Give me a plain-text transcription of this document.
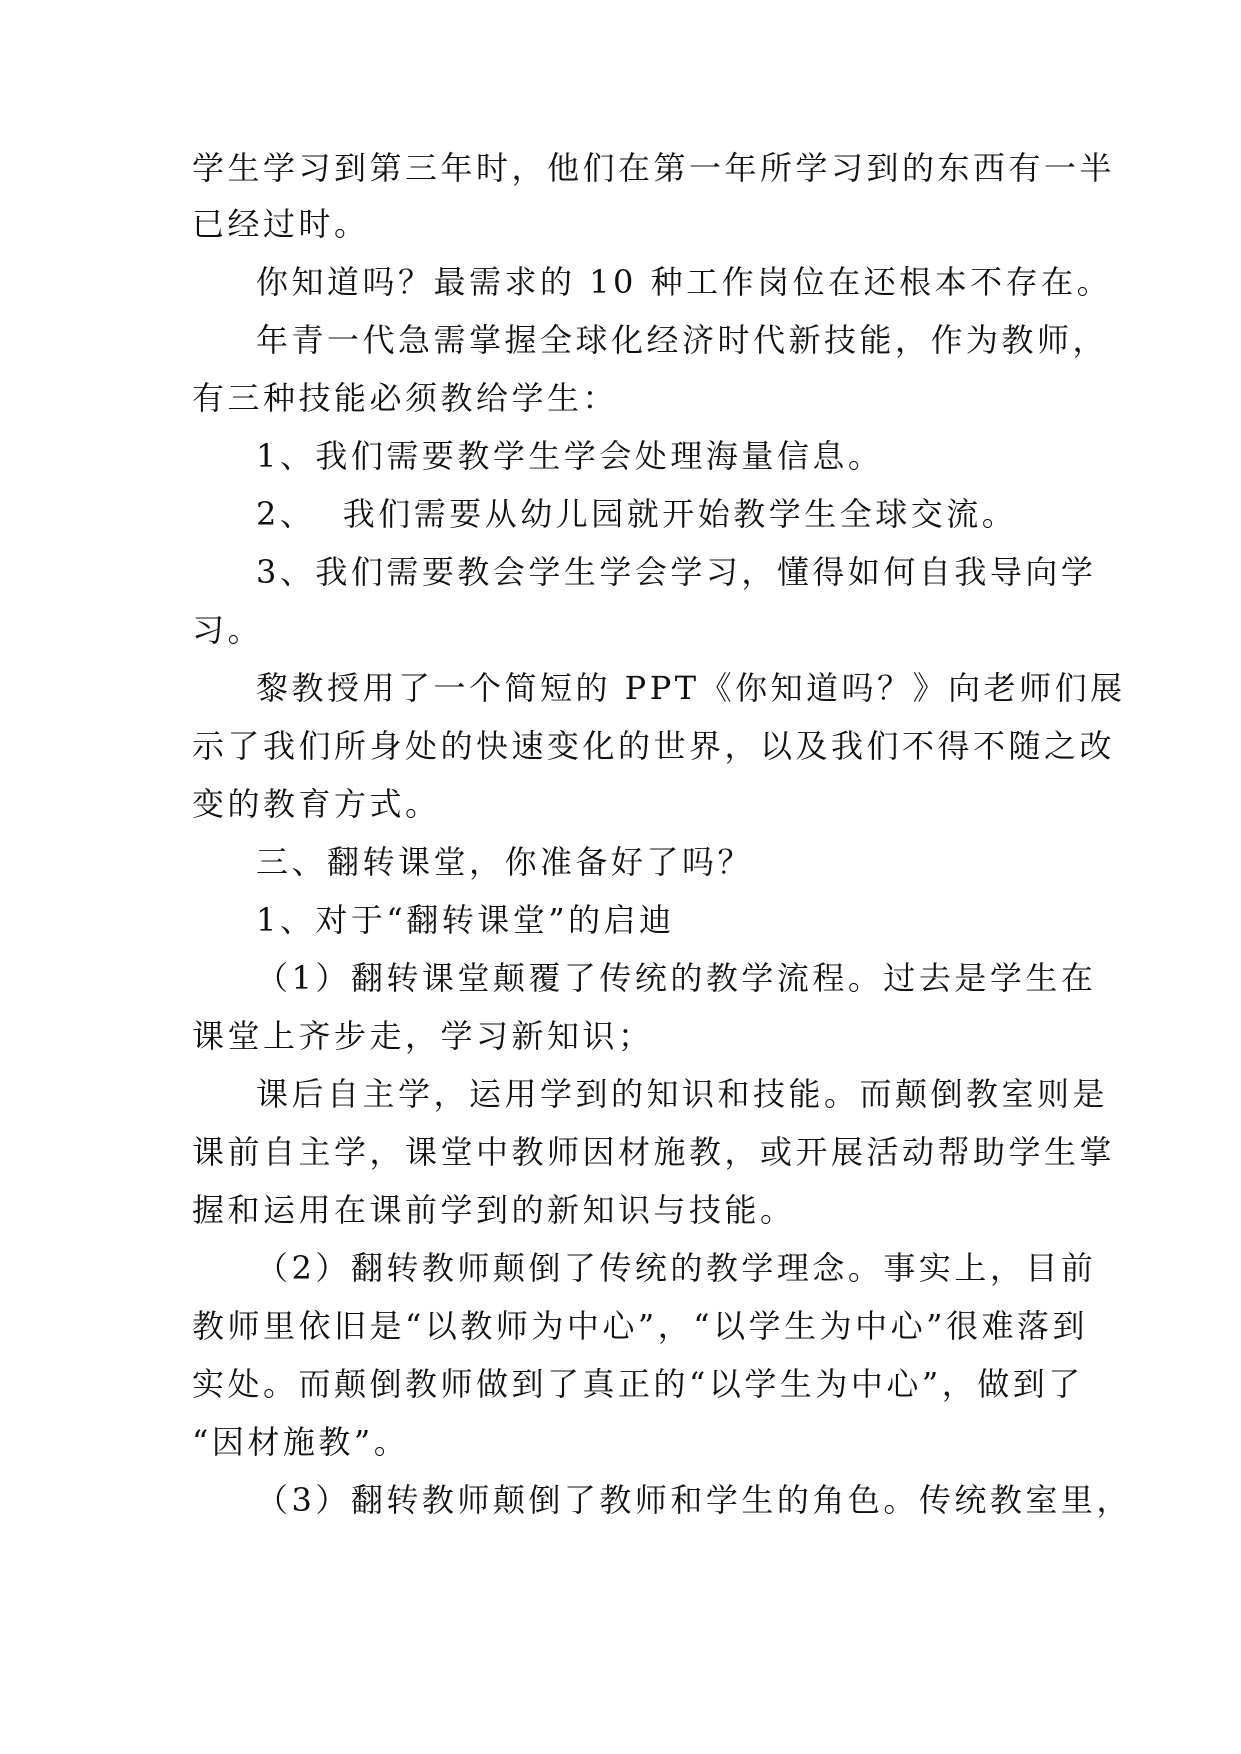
学生学习到第三年时，他们在第一年所学习到的东西有一半
已经过时。
你知道吗？最需求的 10 种工作岗位在还根本不存在。
年青一代急需掌握全球化经济时代新技能，作为教师，
有三种技能必须教给学生：
1、我们需要教学生学会处理海量信息。
2、  我们需要从幼儿园就开始教学生全球交流。
3、我们需要教会学生学会学习，懂得如何自我导向学
习。
黎教授用了一个简短的 PPT《你知道吗？》向老师们展
示了我们所身处的快速变化的世界，以及我们不得不随之改
变的教育方式。
三、翻转课堂，你准备好了吗？
1、对于“翻转课堂”的启迪
（1）翻转课堂颠覆了传统的教学流程。过去是学生在
课堂上齐步走，学习新知识；
课后自主学，运用学到的知识和技能。而颠倒教室则是
课前自主学，课堂中教师因材施教，或开展活动帮助学生掌
握和运用在课前学到的新知识与技能。
（2）翻转教师颠倒了传统的教学理念。事实上，目前
教师里依旧是“以教师为中心”，“以学生为中心”很难落到
实处。而颠倒教师做到了真正的“以学生为中心”，做到了
“因材施教”。
（3）翻转教师颠倒了教师和学生的角色。传统教室里，
